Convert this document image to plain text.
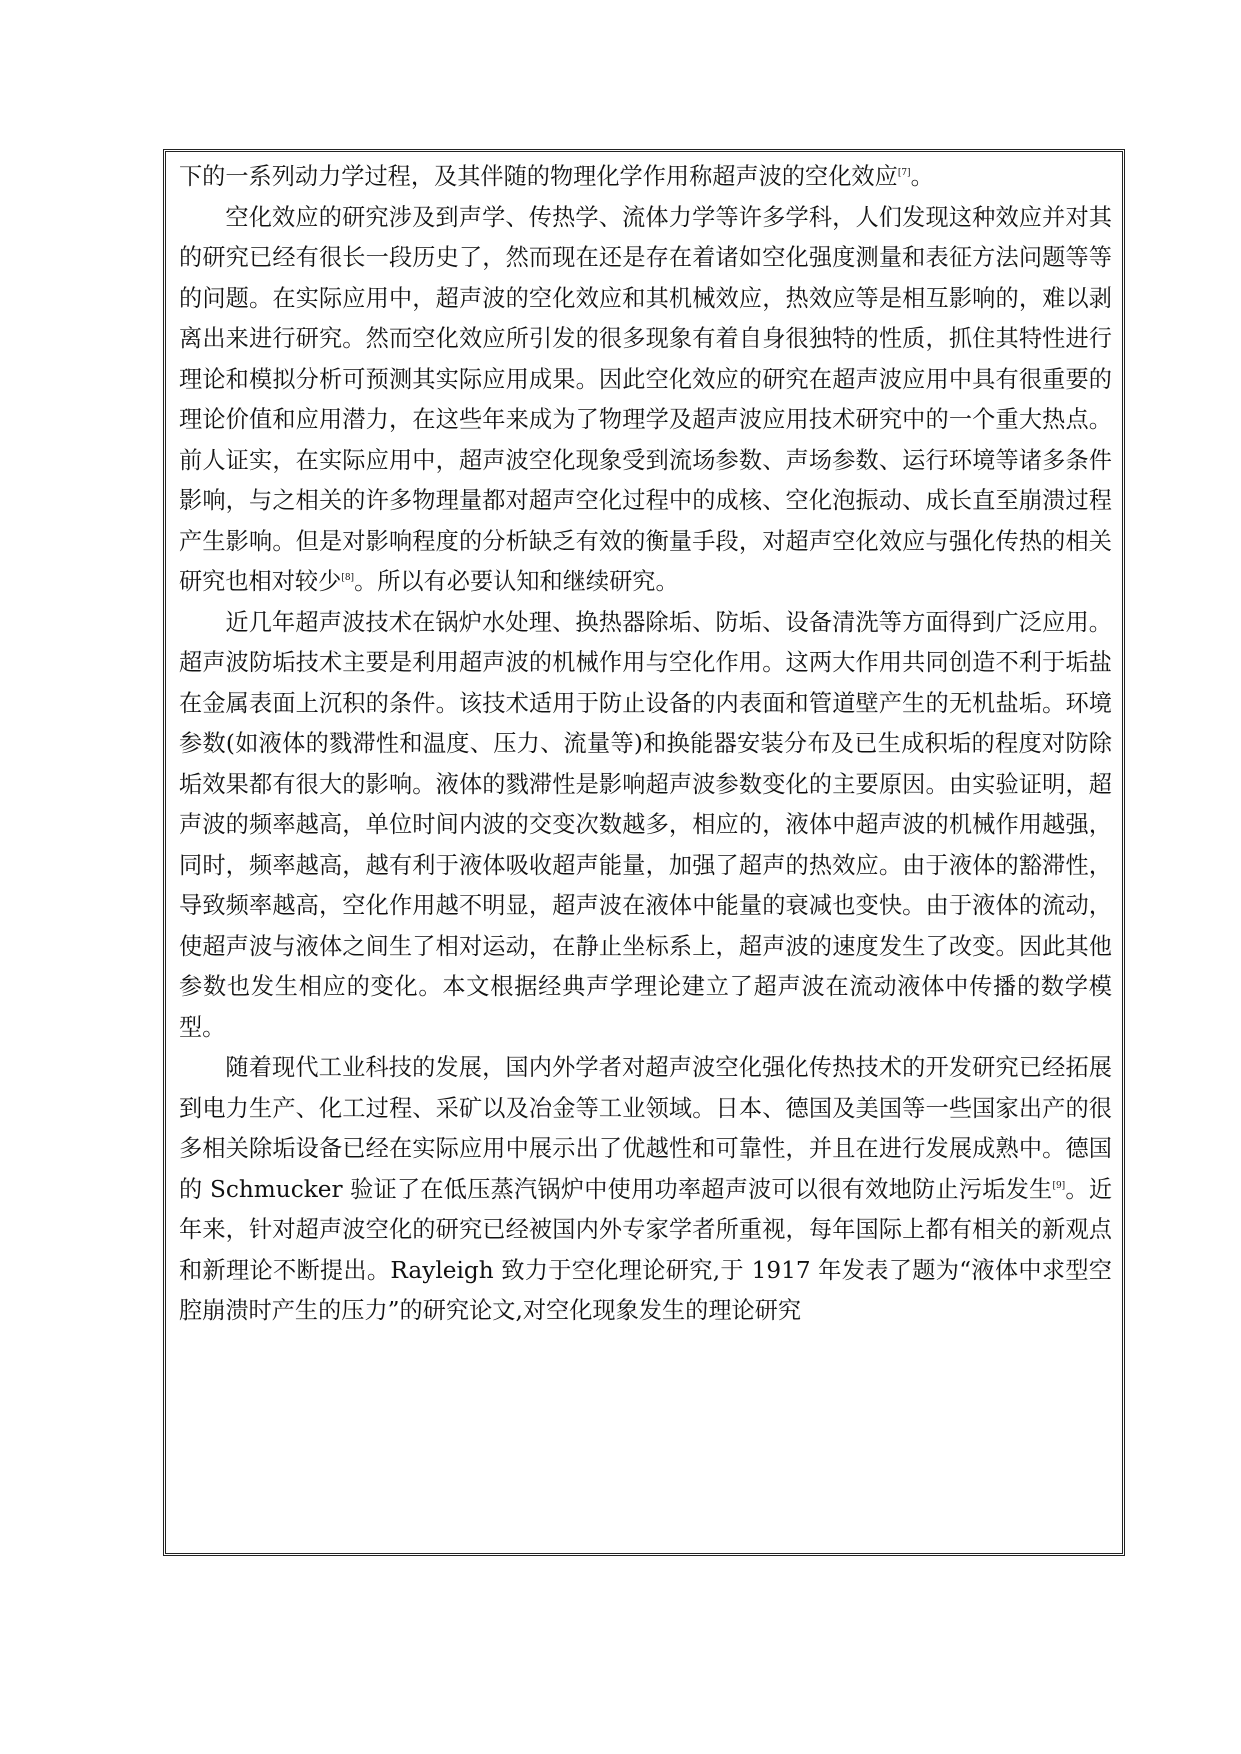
下的一系列动力学过程，及其伴随的物理化学作用称超声波的空化效应[7]。

空化效应的研究涉及到声学、传热学、流体力学等许多学科，人们发现这种效应并对其的研究已经有很长一段历史了，然而现在还是存在着诸如空化强度测量和表征方法问题等等的问题。在实际应用中，超声波的空化效应和其机械效应，热效应等是相互影响的，难以剥离出来进行研究。然而空化效应所引发的很多现象有着自身很独特的性质，抓住其特性进行理论和模拟分析可预测其实际应用成果。因此空化效应的研究在超声波应用中具有很重要的理论价值和应用潜力，在这些年来成为了物理学及超声波应用技术研究中的一个重大热点。前人证实，在实际应用中，超声波空化现象受到流场参数、声场参数、运行环境等诸多条件影响，与之相关的许多物理量都对超声空化过程中的成核、空化泡振动、成长直至崩溃过程产生影响。但是对影响程度的分析缺乏有效的衡量手段，对超声空化效应与强化传热的相关研究也相对较少[8]。所以有必要认知和继续研究。

近几年超声波技术在锅炉水处理、换热器除垢、防垢、设备清洗等方面得到广泛应用。超声波防垢技术主要是利用超声波的机械作用与空化作用。这两大作用共同创造不利于垢盐在金属表面上沉积的条件。该技术适用于防止设备的内表面和管道壁产生的无机盐垢。环境参数(如液体的戮滞性和温度、压力、流量等)和换能器安装分布及已生成积垢的程度对防除垢效果都有很大的影响。液体的戮滞性是影响超声波参数变化的主要原因。由实验证明，超声波的频率越高，单位时间内波的交变次数越多，相应的，液体中超声波的机械作用越强，同时，频率越高，越有利于液体吸收超声能量，加强了超声的热效应。由于液体的豁滞性，导致频率越高，空化作用越不明显，超声波在液体中能量的衰减也变快。由于液体的流动，使超声波与液体之间生了相对运动，在静止坐标系上，超声波的速度发生了改变。因此其他参数也发生相应的变化。本文根据经典声学理论建立了超声波在流动液体中传播的数学模型。

随着现代工业科技的发展，国内外学者对超声波空化强化传热技术的开发研究已经拓展到电力生产、化工过程、采矿以及冶金等工业领域。日本、德国及美国等一些国家出产的很多相关除垢设备已经在实际应用中展示出了优越性和可靠性，并且在进行发展成熟中。德国的 Schmucker 验证了在低压蒸汽锅炉中使用功率超声波可以很有效地防止污垢发生[9]。近年来，针对超声波空化的研究已经被国内外专家学者所重视，每年国际上都有相关的新观点和新理论不断提出。Rayleigh 致力于空化理论研究,于 1917 年发表了题为“液体中求型空腔崩溃时产生的压力”的研究论文,对空化现象发生的理论研究
